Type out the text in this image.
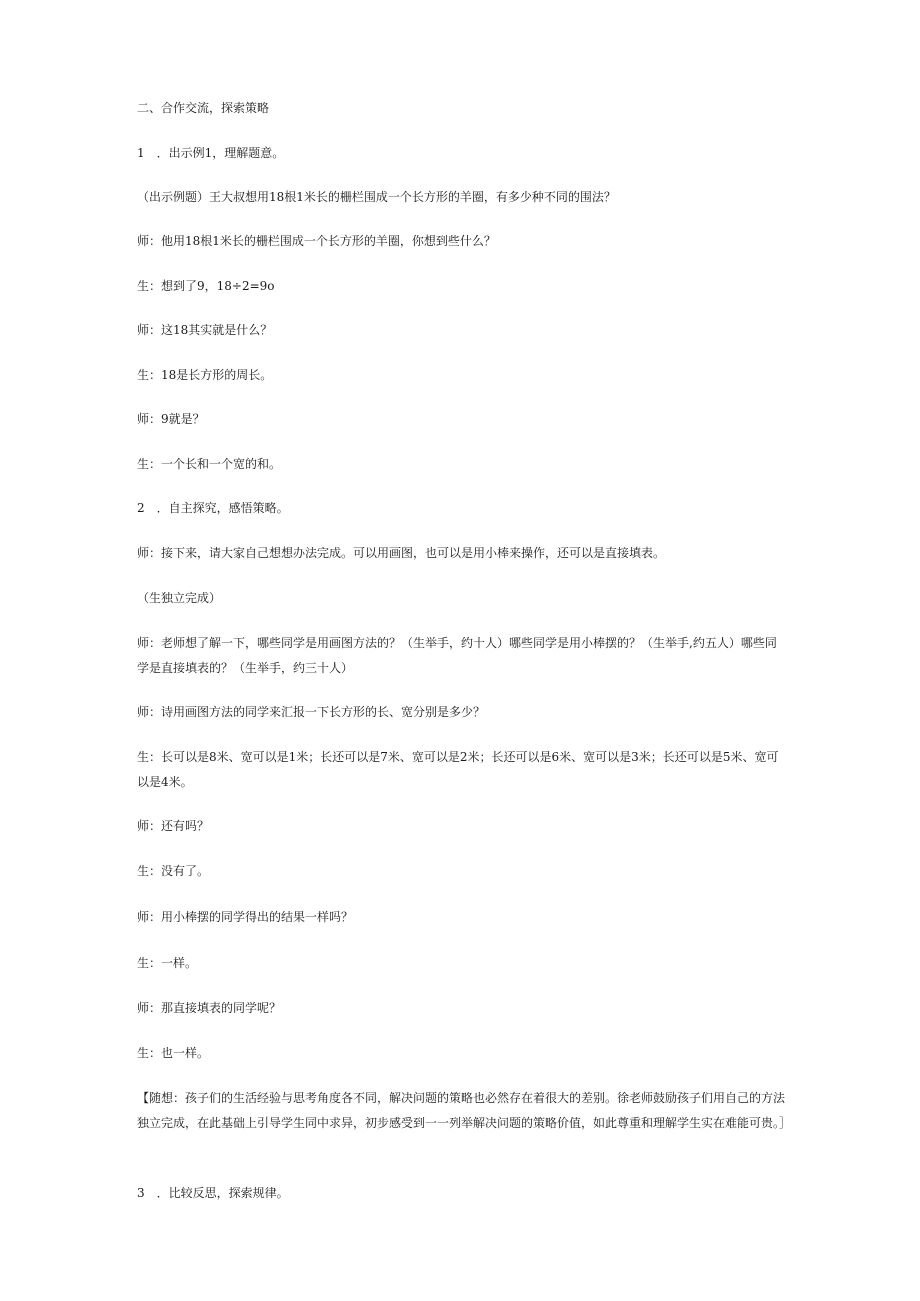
二、合作交流，探索策略

1　．出示例1，理解题意。

（出示例题）王大叔想用18根1米长的栅栏围成一个长方形的羊圈，有多少种不同的围法？

师：他用18根1米长的栅栏围成一个长方形的羊圈，你想到些什么？

生：想到了9，18÷2=9o

师：这18其实就是什么？

生：18是长方形的周长。

师：9就是？

生：一个长和一个宽的和。

2　．自主探究，感悟策略。

师：接下来，请大家自己想想办法完成。可以用画图，也可以是用小棒来操作，还可以是直接填表。

（生独立完成）

师：老师想了解一下，哪些同学是用画图方法的？（生举手，约十人）哪些同学是用小棒摆的？（生举手,约五人）哪些同学是直接填表的？（生举手，约三十人）

师：诗用画图方法的同学来汇报一下长方形的长、宽分别是多少？

生：长可以是8米、宽可以是1米；长还可以是7米、宽可以是2米；长还可以是6米、宽可以是3米；长还可以是5米、宽可以是4米。

师：还有吗？

生：没有了。

师：用小棒摆的同学得出的结果一样吗？

生：一样。

师：那直接填表的同学呢？

生：也一样。

【随想：孩子们的生活经验与思考角度各不同，解决问题的策略也必然存在着很大的差别。徐老师鼓励孩子们用自己的方法独立完成，在此基础上引导学生同中求异，初步感受到一一列举解决问题的策略价值，如此尊重和理解学生实在难能可贵。］

3　．比较反思，探索规律。
